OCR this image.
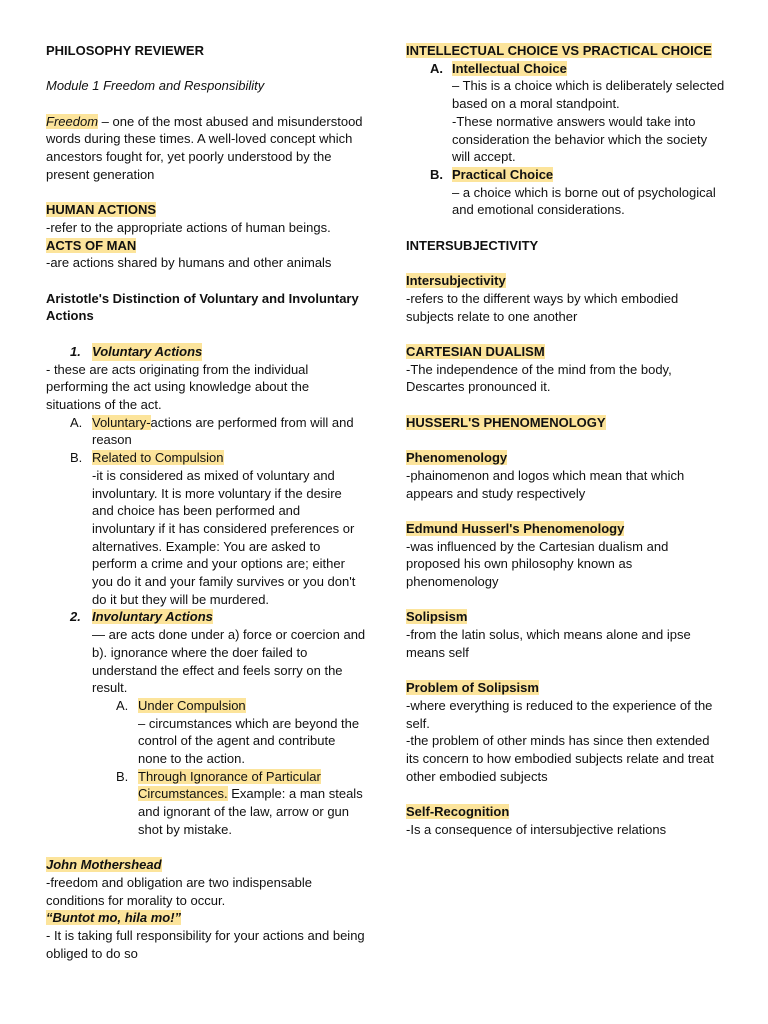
PHILOSOPHY REVIEWER

Module 1 Freedom and Responsibility

Freedom – one of the most abused and misunderstood words during these times. A well-loved concept which ancestors fought for, yet poorly understood by the present generation

HUMAN ACTIONS

-refer to the appropriate actions of human beings.

ACTS OF MAN

-are actions shared by humans and other animals

Aristotle's Distinction of Voluntary and Involuntary Actions

1. Voluntary Actions

- these are acts originating from the individual performing the act using knowledge about the situations of the act.

A. Voluntary-actions are performed from will and reason
B. Related to Compulsion
-it is considered as mixed of voluntary and involuntary. It is more voluntary if the desire and choice has been performed and involuntary if it has considered preferences or alternatives. Example: You are asked to perform a crime and your options are; either you do it and your family survives or you don't do it but they will be murdered.
2. Involuntary Actions
— are acts done under a) force or coercion and b). ignorance where the doer failed to understand the effect and feels sorry on the result.
A. Under Compulsion
– circumstances which are beyond the control of the agent and contribute none to the action.
B. Through Ignorance of Particular Circumstances. Example: a man steals and ignorant of the law, arrow or gun shot by mistake.

John Mothershead

-freedom and obligation are two indispensable conditions for morality to occur.

“Buntot mo, hila mo!”

- It is taking full responsibility for your actions and being obliged to do so

INTELLECTUAL CHOICE VS PRACTICAL CHOICE

A. Intellectual Choice
– This is a choice which is deliberately selected based on a moral standpoint.
-These normative answers would take into consideration the behavior which the society will accept.
B. Practical Choice
– a choice which is borne out of psychological and emotional considerations.

INTERSUBJECTIVITY

Intersubjectivity

-refers to the different ways by which embodied subjects relate to one another

CARTESIAN DUALISM

-The independence of the mind from the body, Descartes pronounced it.

HUSSERL'S PHENOMENOLOGY

Phenomenology

-phainomenon and logos which mean that which appears and study respectively

Edmund Husserl's Phenomenology

-was influenced by the Cartesian dualism and proposed his own philosophy known as phenomenology

Solipsism

-from the latin solus, which means alone and ipse means self

Problem of Solipsism

-where everything is reduced to the experience of the self.

-the problem of other minds has since then extended its concern to how embodied subjects relate and treat other embodied subjects

Self-Recognition

-Is a consequence of intersubjective relations
